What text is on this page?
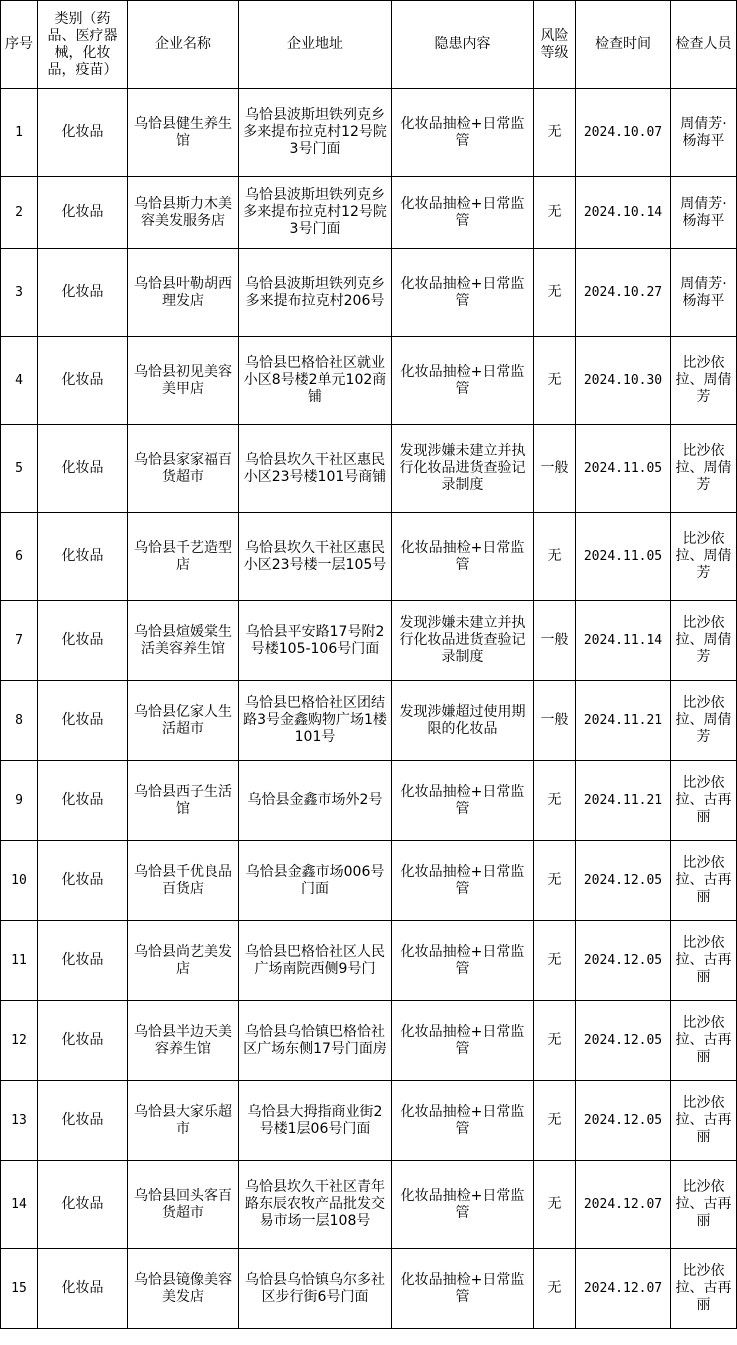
序号	类别（药品、医疗器械，化妆品，疫苗）	企业名称	企业地址	隐患内容	风险等级	检查时间	检查人员
1	化妆品	乌恰县健生养生馆	乌恰县波斯坦铁列克乡多来提布拉克村12号院3号门面	化妆品抽检+日常监管	无	2024.10.07	周倩芳·杨海平
2	化妆品	乌恰县斯力木美容美发服务店	乌恰县波斯坦铁列克乡多来提布拉克村12号院3号门面	化妆品抽检+日常监管	无	2024.10.14	周倩芳·杨海平
3	化妆品	乌恰县叶勒胡西理发店	乌恰县波斯坦铁列克乡多来提布拉克村206号	化妆品抽检+日常监管	无	2024.10.27	周倩芳·杨海平
4	化妆品	乌恰县初见美容美甲店	乌恰县巴格恰社区就业小区8号楼2单元102商铺	化妆品抽检+日常监管	无	2024.10.30	比沙依拉、周倩芳
5	化妆品	乌恰县家家福百货超市	乌恰县坎久干社区惠民小区23号楼101号商铺	发现涉嫌未建立并执行化妆品进货查验记录制度	一般	2024.11.05	比沙依拉、周倩芳
6	化妆品	乌恰县千艺造型店	乌恰县坎久干社区惠民小区23号楼一层105号	化妆品抽检+日常监管	无	2024.11.05	比沙依拉、周倩芳
7	化妆品	乌恰县煊媛棠生活美容养生馆	乌恰县平安路17号附2号楼105-106号门面	发现涉嫌未建立并执行化妆品进货查验记录制度	一般	2024.11.14	比沙依拉、周倩芳
8	化妆品	乌恰县亿家人生活超市	乌恰县巴格恰社区团结路3号金鑫购物广场1楼101号	发现涉嫌超过使用期限的化妆品	一般	2024.11.21	比沙依拉、周倩芳
9	化妆品	乌恰县西子生活馆	乌恰县金鑫市场外2号	化妆品抽检+日常监管	无	2024.11.21	比沙依拉、古再丽
10	化妆品	乌恰县千优良品百货店	乌恰县金鑫市场006号门面	化妆品抽检+日常监管	无	2024.12.05	比沙依拉、古再丽
11	化妆品	乌恰县尚艺美发店	乌恰县巴格恰社区人民广场南院西侧9号门	化妆品抽检+日常监管	无	2024.12.05	比沙依拉、古再丽
12	化妆品	乌恰县半边天美容养生馆	乌恰县乌恰镇巴格恰社区广场东侧17号门面房	化妆品抽检+日常监管	无	2024.12.05	比沙依拉、古再丽
13	化妆品	乌恰县大家乐超市	乌恰县大拇指商业街2号楼1层06号门面	化妆品抽检+日常监管	无	2024.12.05	比沙依拉、古再丽
14	化妆品	乌恰县回头客百货超市	乌恰县坎久干社区青年路东辰农牧产品批发交易市场一层108号	化妆品抽检+日常监管	无	2024.12.07	比沙依拉、古再丽
15	化妆品	乌恰县镜像美容美发店	乌恰县乌恰镇乌尔多社区步行街6号门面	化妆品抽检+日常监管	无	2024.12.07	比沙依拉、古再丽
